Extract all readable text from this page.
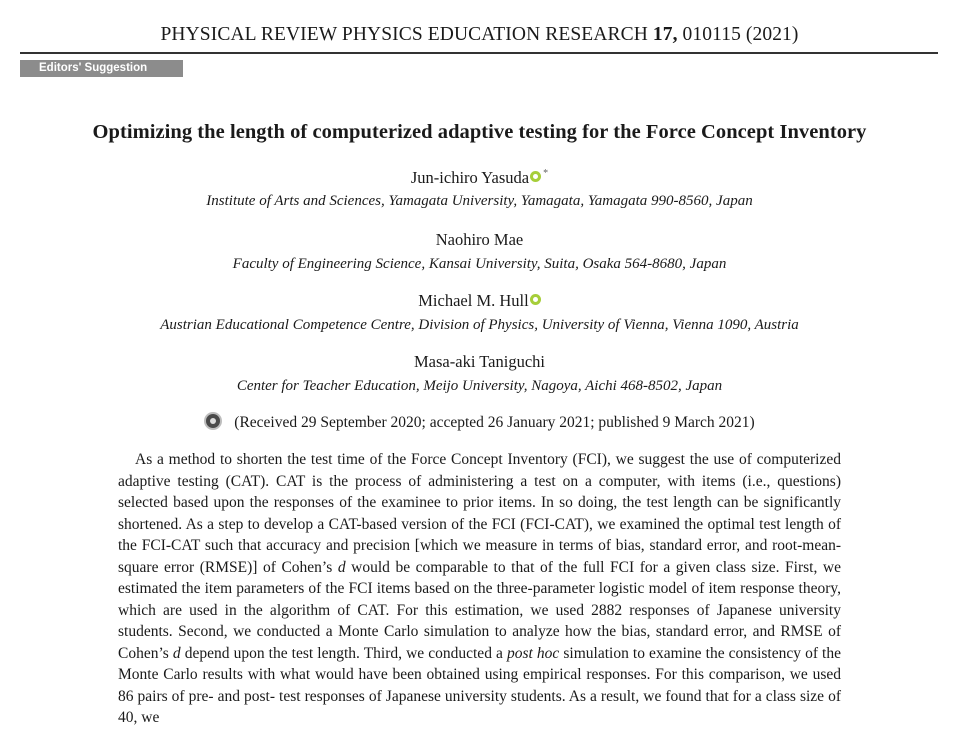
PHYSICAL REVIEW PHYSICS EDUCATION RESEARCH 17, 010115 (2021)
Editors' Suggestion
Optimizing the length of computerized adaptive testing for the Force Concept Inventory
Jun-ichiro Yasuda *
Institute of Arts and Sciences, Yamagata University, Yamagata, Yamagata 990-8560, Japan
Naohiro Mae
Faculty of Engineering Science, Kansai University, Suita, Osaka 564-8680, Japan
Michael M. Hull
Austrian Educational Competence Centre, Division of Physics, University of Vienna, Vienna 1090, Austria
Masa-aki Taniguchi
Center for Teacher Education, Meijo University, Nagoya, Aichi 468-8502, Japan
(Received 29 September 2020; accepted 26 January 2021; published 9 March 2021)
As a method to shorten the test time of the Force Concept Inventory (FCI), we suggest the use of computerized adaptive testing (CAT). CAT is the process of administering a test on a computer, with items (i.e., questions) selected based upon the responses of the examinee to prior items. In so doing, the test length can be significantly shortened. As a step to develop a CAT-based version of the FCI (FCI-CAT), we examined the optimal test length of the FCI-CAT such that accuracy and precision [which we measure in terms of bias, standard error, and root-mean-square error (RMSE)] of Cohen’s d would be comparable to that of the full FCI for a given class size. First, we estimated the item parameters of the FCI items based on the three-parameter logistic model of item response theory, which are used in the algorithm of CAT. For this estimation, we used 2882 responses of Japanese university students. Second, we conducted a Monte Carlo simulation to analyze how the bias, standard error, and RMSE of Cohen’s d depend upon the test length. Third, we conducted a post hoc simulation to examine the consistency of the Monte Carlo results with what would have been obtained using empirical responses. For this comparison, we used 86 pairs of pre- and post- test responses of Japanese university students. As a result, we found that for a class size of 40, we
